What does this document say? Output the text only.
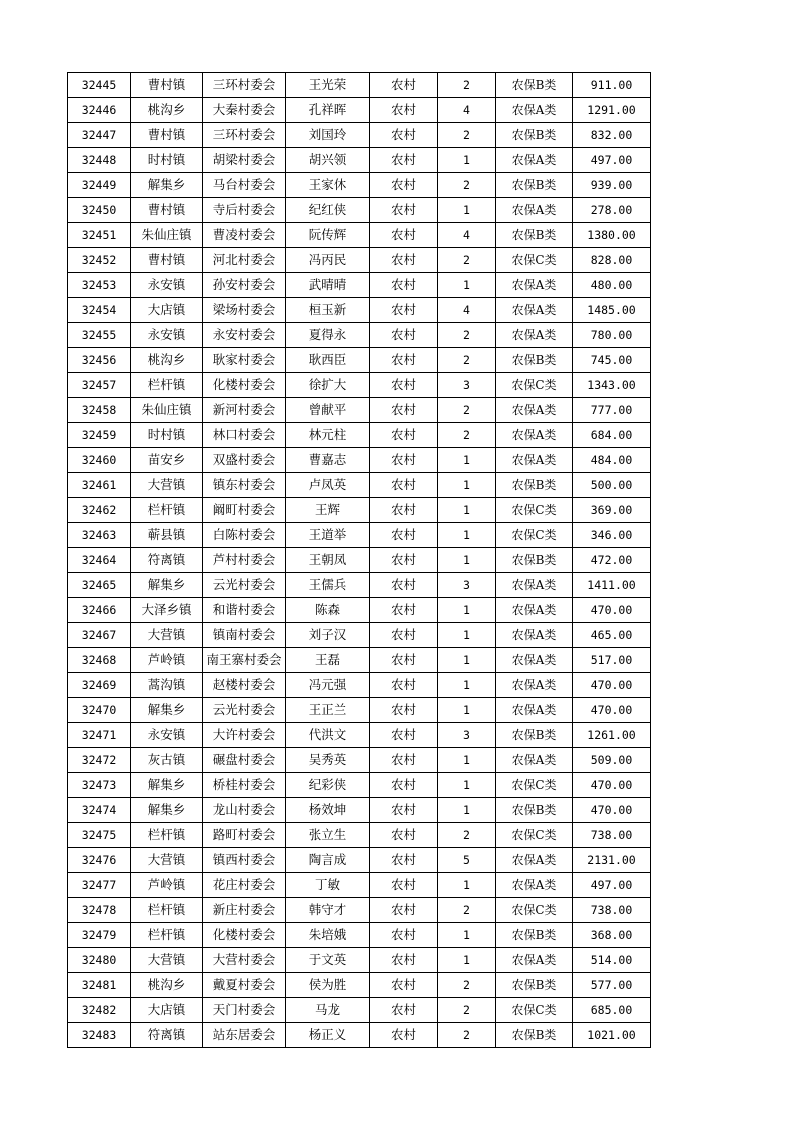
32445	曹村镇	三环村委会	王光荣	农村	2	农保B类	911.00
32446	桃沟乡	大秦村委会	孔祥晖	农村	4	农保A类	1291.00
32447	曹村镇	三环村委会	刘国玲	农村	2	农保B类	832.00
32448	时村镇	胡梁村委会	胡兴领	农村	1	农保A类	497.00
32449	解集乡	马台村委会	王家休	农村	2	农保B类	939.00
32450	曹村镇	寺后村委会	纪红侠	农村	1	农保A类	278.00
32451	朱仙庄镇	曹凌村委会	阮传辉	农村	4	农保B类	1380.00
32452	曹村镇	河北村委会	冯丙民	农村	2	农保C类	828.00
32453	永安镇	孙安村委会	武晴晴	农村	1	农保A类	480.00
32454	大店镇	梁场村委会	桓玉新	农村	4	农保A类	1485.00
32455	永安镇	永安村委会	夏得永	农村	2	农保A类	780.00
32456	桃沟乡	耿家村委会	耿西臣	农村	2	农保B类	745.00
32457	栏杆镇	化楼村委会	徐扩大	农村	3	农保C类	1343.00
32458	朱仙庄镇	新河村委会	曾献平	农村	2	农保A类	777.00
32459	时村镇	林口村委会	林元柱	农村	2	农保A类	684.00
32460	苗安乡	双盛村委会	曹嘉志	农村	1	农保A类	484.00
32461	大营镇	镇东村委会	卢凤英	农村	1	农保B类	500.00
32462	栏杆镇	阚町村委会	王辉	农村	1	农保C类	369.00
32463	蕲县镇	白陈村委会	王道举	农村	1	农保C类	346.00
32464	符离镇	芦村村委会	王朝凤	农村	1	农保B类	472.00
32465	解集乡	云光村委会	王儒兵	农村	3	农保A类	1411.00
32466	大泽乡镇	和谐村委会	陈森	农村	1	农保A类	470.00
32467	大营镇	镇南村委会	刘子汉	农村	1	农保A类	465.00
32468	芦岭镇	南王寨村委会	王磊	农村	1	农保A类	517.00
32469	蒿沟镇	赵楼村委会	冯元强	农村	1	农保A类	470.00
32470	解集乡	云光村委会	王正兰	农村	1	农保A类	470.00
32471	永安镇	大许村委会	代洪文	农村	3	农保B类	1261.00
32472	灰古镇	碾盘村委会	吴秀英	农村	1	农保A类	509.00
32473	解集乡	桥桂村委会	纪彩侠	农村	1	农保C类	470.00
32474	解集乡	龙山村委会	杨效坤	农村	1	农保B类	470.00
32475	栏杆镇	路町村委会	张立生	农村	2	农保C类	738.00
32476	大营镇	镇西村委会	陶言成	农村	5	农保A类	2131.00
32477	芦岭镇	花庄村委会	丁敏	农村	1	农保A类	497.00
32478	栏杆镇	新庄村委会	韩守才	农村	2	农保C类	738.00
32479	栏杆镇	化楼村委会	朱培娥	农村	1	农保B类	368.00
32480	大营镇	大营村委会	于文英	农村	1	农保A类	514.00
32481	桃沟乡	戴夏村委会	侯为胜	农村	2	农保B类	577.00
32482	大店镇	天门村委会	马龙	农村	2	农保C类	685.00
32483	符离镇	站东居委会	杨正义	农村	2	农保B类	1021.00
